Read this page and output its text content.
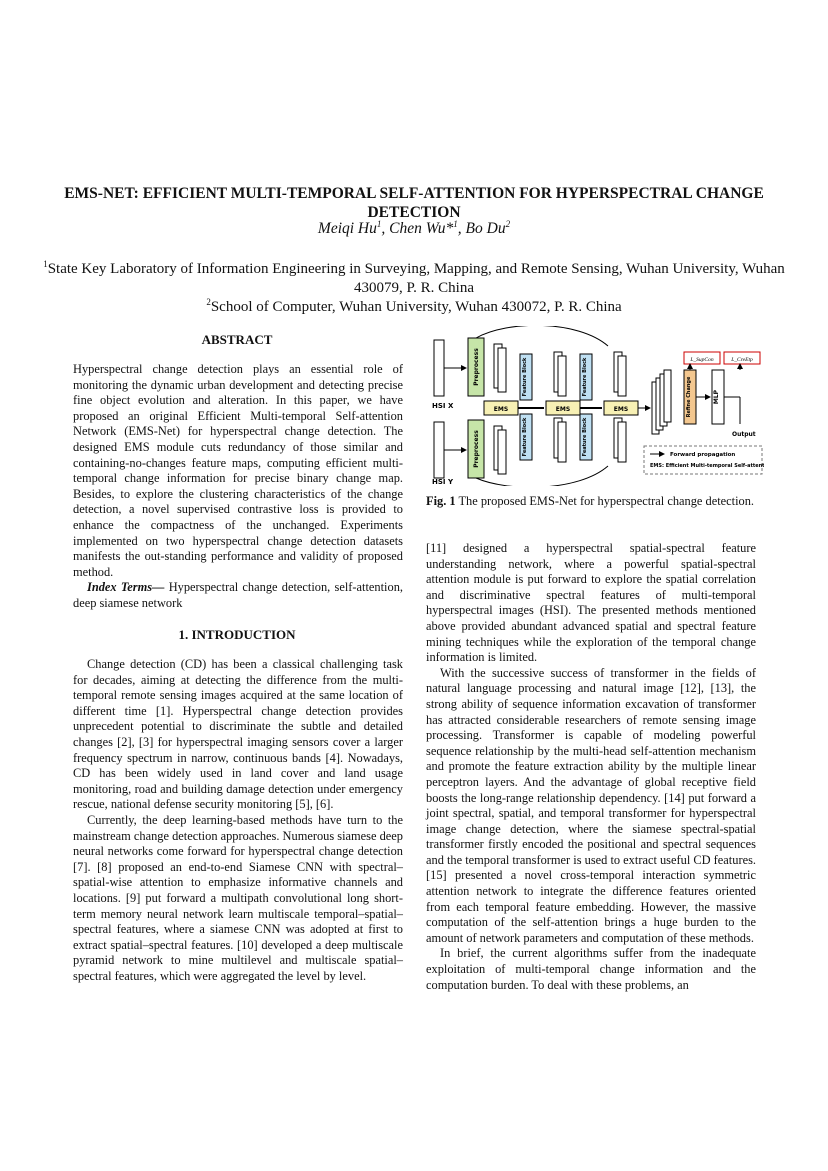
EMS-NET: EFFICIENT MULTI-TEMPORAL SELF-ATTENTION FOR HYPERSPECTRAL CHANGE DETECTION
Meiqi Hu$^1$, Chen Wu*$^1$, Bo Du$^2$
$^1$State Key Laboratory of Information Engineering in Surveying, Mapping, and Remote Sensing, Wuhan University, Wuhan 430079, P. R. China
$^2$School of Computer, Wuhan University, Wuhan 430072, P. R. China
ABSTRACT
Hyperspectral change detection plays an essential role of monitoring the dynamic urban development and detecting precise fine object evolution and alteration. In this paper, we have proposed an original Efficient Multi-temporal Self-attention Network (EMS-Net) for hyperspectral change detection. The designed EMS module cuts redundancy of those similar and containing-no-changes feature maps, computing efficient multi-temporal change information for precise binary change map. Besides, to explore the clustering characteristics of the change detection, a novel supervised contrastive loss is provided to enhance the compactness of the unchanged. Experiments implemented on two hyperspectral change detection datasets manifests the out-standing performance and validity of proposed method.

Index Terms— Hyperspectral change detection, self-attention, deep siamese network

1. INTRODUCTION

Change detection (CD) has been a classical challenging task for decades, aiming at detecting the difference from the multi-temporal remote sensing images acquired at the same location of different time [1]. Hyperspectral change detection provides unprecedent potential to discriminate the subtle and detailed changes [2], [3] for hyperspectral imaging sensors cover a larger frequency spectrum in narrow, continuous bands [4]. Nowadays, CD has been widely used in land cover and land usage monitoring, road and building damage detection under emergency rescue, national defense security monitoring [5], [6].

Currently, the deep learning-based methods have turn to the mainstream change detection approaches. Numerous siamese deep neural networks come forward for hyperspectral change detection [7]. [8] proposed an end-to-end Siamese CNN with spectral–spatial-wise attention to emphasize informative channels and locations. [9] put forward a multipath convolutional long short-term memory neural network learn multiscale temporal–spatial–spectral features, where a siamese CNN was adopted at first to extract spatial–spectral features. [10] developed a deep multiscale pyramid network to mine multilevel and multiscale spatial–spectral features, which were aggregated the level by level.

HSI X
HSI Y
Preprocess
Preprocess
Feature Block
Feature Block
Feature Block
Feature Block
EMS	EMS	EMS	Refine Change	MLP
Output
L_SupCon	L_CreEtp
Forward propagation
EMS: Efficient Multi-temporal Self-attention
Fig. 1 The proposed EMS-Net for hyperspectral change detection.

[11] designed a hyperspectral spatial-spectral feature understanding network, where a powerful spatial-spectral attention module is put forward to explore the spatial correlation and discriminative spectral features of multi-temporal hyperspectral images (HSI). The presented methods mentioned above provided abundant advanced spatial and spectral feature mining techniques while the exploration of the temporal change information is limited.

With the successive success of transformer in the fields of natural language processing and natural image [12], [13], the strong ability of sequence information excavation of transformer has attracted considerable researchers of remote sensing image processing. Transformer is capable of modeling powerful sequence relationship by the multi-head self-attention mechanism and promote the feature extraction ability by the multiple linear perceptron layers. And the advantage of global receptive field boosts the long-range relationship dependency. [14] put forward a joint spectral, spatial, and temporal transformer for hyperspectral image change detection, where the siamese spectral-spatial transformer firstly encoded the positional and spectral sequences and the temporal transformer is used to extract useful CD features. [15] presented a novel cross-temporal interaction symmetric attention network to integrate the difference features oriented from each temporal feature embedding. However, the massive computation of the self-attention brings a huge burden to the amount of network parameters and computation of these methods.

In brief, the current algorithms suffer from the inadequate exploitation of multi-temporal change information and the computation burden. To deal with these problems, an
